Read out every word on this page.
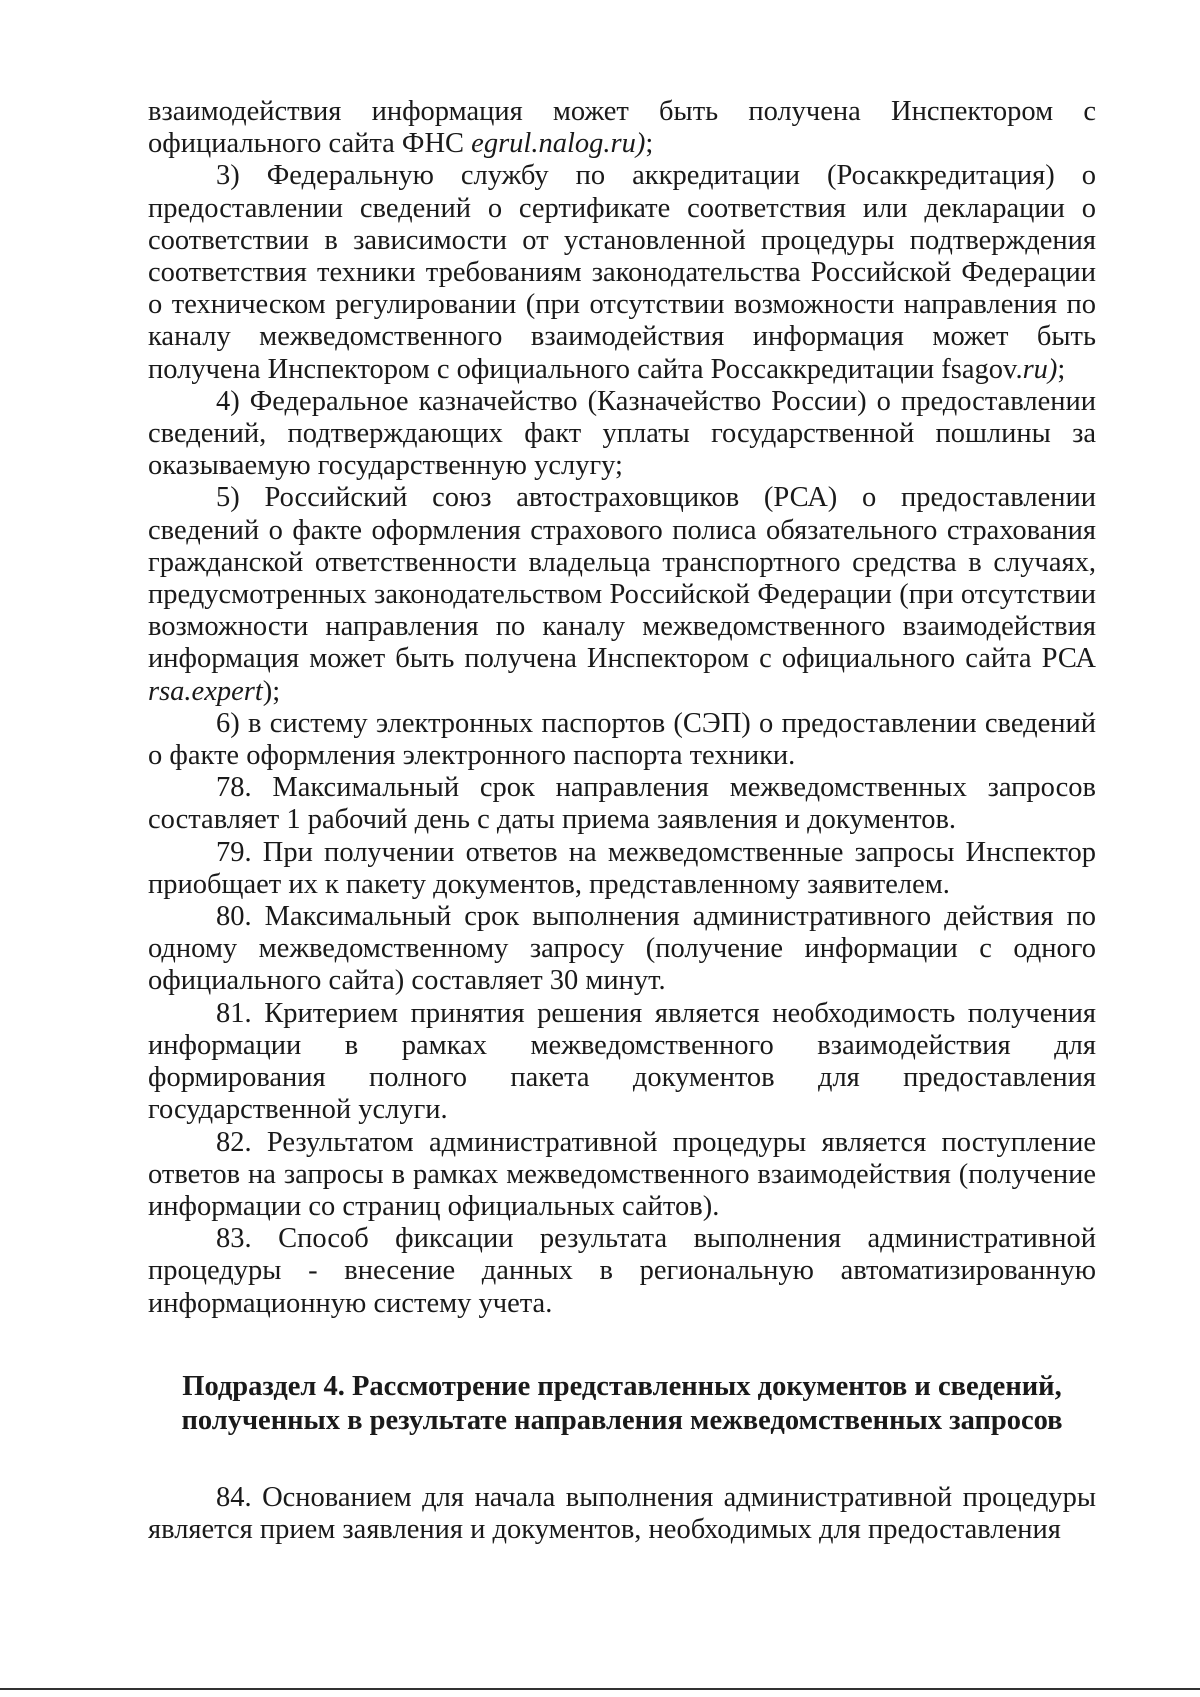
взаимодействия информация может быть получена Инспектором с официального сайта ФНС egrul.nalog.ru);

3) Федеральную службу по аккредитации (Росаккредитация) о предоставлении сведений о сертификате соответствия или декларации о соответствии в зависимости от установленной процедуры подтверждения соответствия техники требованиям законодательства Российской Федерации о техническом регулировании (при отсутствии возможности направления по каналу межведомственного взаимодействия информация может быть получена Инспектором с официального сайта Россаккредитации fsagov.ru);

4) Федеральное казначейство (Казначейство России) о предоставлении сведений, подтверждающих факт уплаты государственной пошлины за оказываемую государственную услугу;

5) Российский союз автостраховщиков (РСА) о предоставлении сведений о факте оформления страхового полиса обязательного страхования гражданской ответственности владельца транспортного средства в случаях, предусмотренных законодательством Российской Федерации (при отсутствии возможности направления по каналу межведомственного взаимодействия информация может быть получена Инспектором с официального сайта РСА rsa.expert);

6) в систему электронных паспортов (СЭП) о предоставлении сведений о факте оформления электронного паспорта техники.

78. Максимальный срок направления межведомственных запросов составляет 1 рабочий день с даты приема заявления и документов.

79. При получении ответов на межведомственные запросы Инспектор приобщает их к пакету документов, представленному заявителем.

80. Максимальный срок выполнения административного действия по одному межведомственному запросу (получение информации с одного официального сайта) составляет 30 минут.

81. Критерием принятия решения является необходимость получения информации в рамках межведомственного взаимодействия для формирования полного пакета документов для предоставления государственной услуги.

82. Результатом административной процедуры является поступление ответов на запросы в рамках межведомственного взаимодействия (получение информации со страниц официальных сайтов).

83. Способ фиксации результата выполнения административной процедуры - внесение данных в региональную автоматизированную информационную систему учета.

Подраздел 4. Рассмотрение представленных документов и сведений,
полученных в результате направления межведомственных запросов

84. Основанием для начала выполнения административной процедуры является прием заявления и документов, необходимых для предоставления
